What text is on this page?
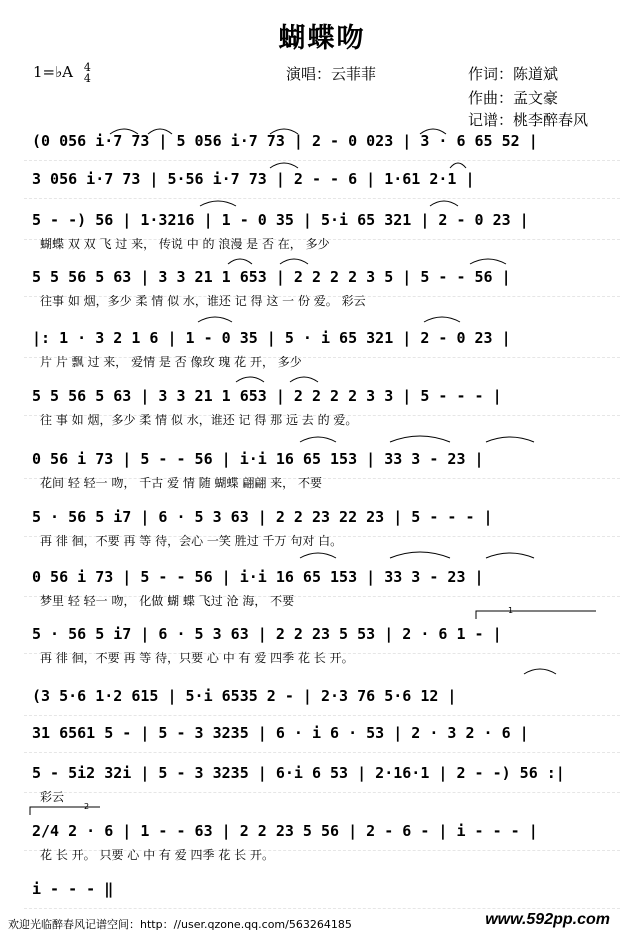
蝴蝶吻
1=♭A 4
4	演唱：云菲菲	作词：陈道斌
作曲：孟文豪
记谱：桃李醉春风
(0 056 i·7 73 | 5 056 i·7 73 | 2 - 0 023 | 3 · 6 65 52 |
3 056 i·7 73 | 5·56 i·7 73 | 2 - - 6 | 1·61 2·1 |
5 - -) 56 | 1·3216 | 1 - 0 35 | 5·i 65 321 | 2 - 0 23 |
蝴蝶 双 双 飞 过 来， 传说 中 的 浪漫 是 否 在， 多少
5 5 56 5 63 | 3 3 21 1 653 | 2 2 2 2 3 5 | 5 - - 56 |
往事 如 烟，多少 柔 情 似 水，谁还 记 得 这 一 份 爱。 彩云
|: 1 · 3 2 1 6 | 1 - 0 35 | 5 · i 65 321 | 2 - 0 23 |
片 片 飘 过 来， 爱情 是 否 像玫 瑰 花 开， 多少
5 5 56 5 63 | 3 3 21 1 653 | 2 2 2 2 3 3 | 5 - - - |
往 事 如 烟，多少 柔 情 似 水，谁还 记 得 那 远 去 的 爱。
0 56 i 73 | 5 - - 56 | i·i 16 65 153 | 33 3 - 23 |
花间 轻 轻一 吻， 千古 爱 情 随 蝴蝶 翩翩 来， 不要
5 · 56 5 i7 | 6 · 5 3 63 | 2 2 23 22 23 | 5 - - - |
再 徘 徊，不要 再 等 待，会心 一笑 胜过 千万 句对 白。
0 56 i 73 | 5 - - 56 | i·i 16 65 153 | 33 3 - 23 |
梦里 轻 轻一 吻， 化做 蝴 蝶 飞过 沧 海， 不要
5 · 56 5 i7 | 6 · 5 3 63 | 2 2 23 5 53 | 2 · 6 1 - |
再 徘 徊，不要 再 等 待，只要 心 中 有 爱 四季 花 长 开。
(3 5·6 1·2 615 | 5·i 6535 2 - | 2·3 76 5·6 12 |
31 6561 5 - | 5 - 3 3235 | 6 · i 6 · 53 | 2 · 3 2 · 6 |
5 - 5i2 32i | 5 - 3 3235 | 6·i 6 53 | 2·16·1 | 2 - -) 56 :|
彩云
2/4 2 · 6 | 1 - - 63 | 2 2 23 5 56 | 2 - 6 - | i - - - |
花 长 开。 只要 心 中 有 爱 四季 花 长 开。
i - - - ‖
1
2
欢迎光临醉春风记谱空间：http：//user.qzone.qq.com/563264185	www.592pp.com
